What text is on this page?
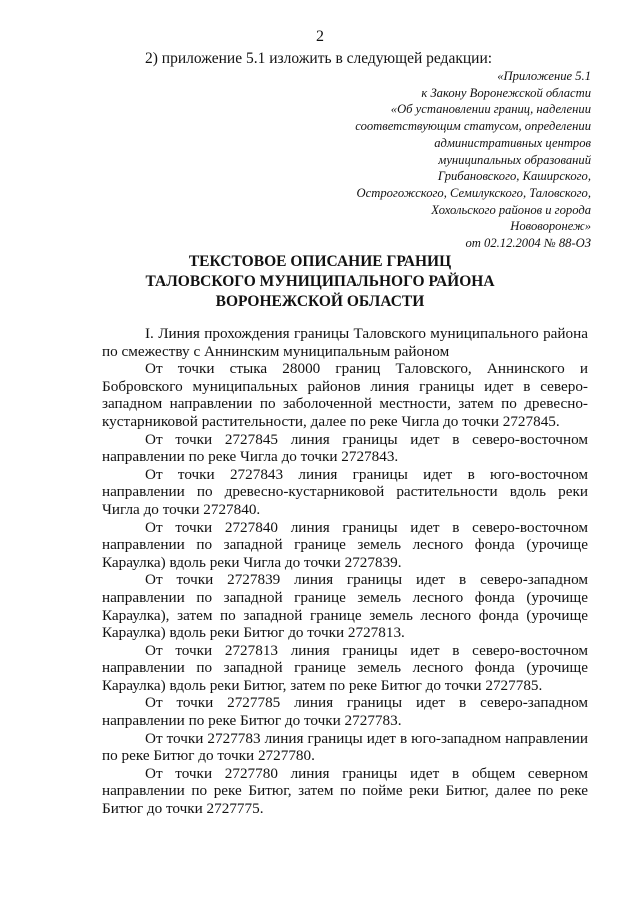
2
2) приложение 5.1 изложить в следующей редакции:
«Приложение 5.1
к Закону Воронежской области
«Об установлении границ, наделении
соответствующим статусом, определении
административных центров
муниципальных образований
Грибановского, Каширского,
Острогожского, Семилукского, Таловского,
Хохольского районов и города
Нововоронеж»
от 02.12.2004 № 88-ОЗ
ТЕКСТОВОЕ ОПИСАНИЕ ГРАНИЦ
ТАЛОВСКОГО МУНИЦИПАЛЬНОГО РАЙОНА
ВОРОНЕЖСКОЙ ОБЛАСТИ

I. Линия прохождения границы Таловского муниципального района по смежеству с Аннинским муниципальным районом

От точки стыка 28000 границ Таловского, Аннинского и Бобровского муниципальных районов линия границы идет в северо-западном направлении по заболоченной местности, затем по древесно-кустарниковой растительности, далее по реке Чигла до точки 2727845.

От точки 2727845 линия границы идет в северо-восточном направлении по реке Чигла до точки 2727843.

От точки 2727843 линия границы идет в юго-восточном направлении по древесно-кустарниковой растительности вдоль реки Чигла до точки 2727840.

От точки 2727840 линия границы идет в северо-восточном направлении по западной границе земель лесного фонда (урочище Караулка) вдоль реки Чигла до точки 2727839.

От точки 2727839 линия границы идет в северо-западном направлении по западной границе земель лесного фонда (урочище Караулка), затем по западной границе земель лесного фонда (урочище Караулка) вдоль реки Битюг до точки 2727813.

От точки 2727813 линия границы идет в северо-восточном направлении по западной границе земель лесного фонда (урочище Караулка) вдоль реки Битюг, затем по реке Битюг до точки 2727785.

От точки 2727785 линия границы идет в северо-западном направлении по реке Битюг до точки 2727783.

От точки 2727783 линия границы идет в юго-западном направлении по реке Битюг до точки 2727780.

От точки 2727780 линия границы идет в общем северном направлении по реке Битюг, затем по пойме реки Битюг, далее по реке Битюг до точки 2727775.
